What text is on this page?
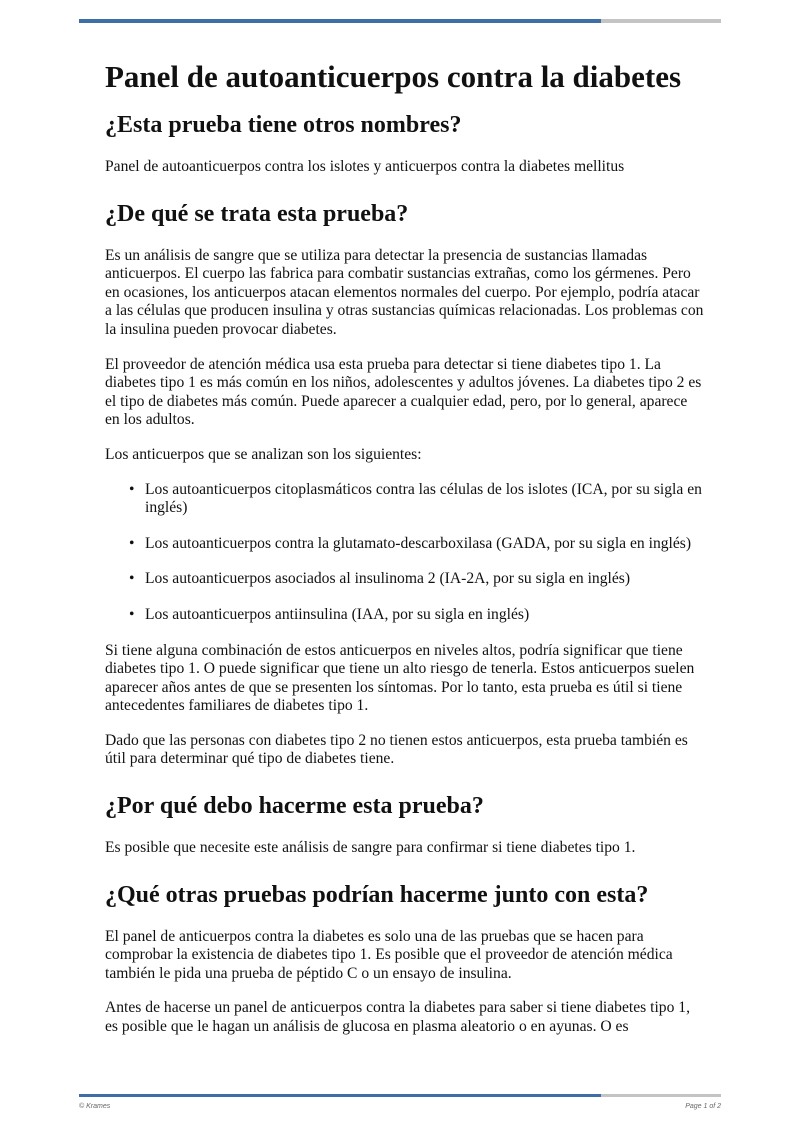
Panel de autoanticuerpos contra la diabetes
¿Esta prueba tiene otros nombres?

Panel de autoanticuerpos contra los islotes y anticuerpos contra la diabetes mellitus

¿De qué se trata esta prueba?

Es un análisis de sangre que se utiliza para detectar la presencia de sustancias llamadas anticuerpos. El cuerpo las fabrica para combatir sustancias extrañas, como los gérmenes. Pero en ocasiones, los anticuerpos atacan elementos normales del cuerpo. Por ejemplo, podría atacar a las células que producen insulina y otras sustancias químicas relacionadas. Los problemas con la insulina pueden provocar diabetes.

El proveedor de atención médica usa esta prueba para detectar si tiene diabetes tipo 1. La diabetes tipo 1 es más común en los niños, adolescentes y adultos jóvenes. La diabetes tipo 2 es el tipo de diabetes más común. Puede aparecer a cualquier edad, pero, por lo general, aparece en los adultos.

Los anticuerpos que se analizan son los siguientes:

• Los autoanticuerpos citoplasmáticos contra las células de los islotes (ICA, por su sigla en inglés)
• Los autoanticuerpos contra la glutamato-descarboxilasa (GADA, por su sigla en inglés)
• Los autoanticuerpos asociados al insulinoma 2 (IA-2A, por su sigla en inglés)
• Los autoanticuerpos antiinsulina (IAA, por su sigla en inglés)

Si tiene alguna combinación de estos anticuerpos en niveles altos, podría significar que tiene diabetes tipo 1. O puede significar que tiene un alto riesgo de tenerla. Estos anticuerpos suelen aparecer años antes de que se presenten los síntomas. Por lo tanto, esta prueba es útil si tiene antecedentes familiares de diabetes tipo 1.

Dado que las personas con diabetes tipo 2 no tienen estos anticuerpos, esta prueba también es útil para determinar qué tipo de diabetes tiene.

¿Por qué debo hacerme esta prueba?

Es posible que necesite este análisis de sangre para confirmar si tiene diabetes tipo 1.

¿Qué otras pruebas podrían hacerme junto con esta?

El panel de anticuerpos contra la diabetes es solo una de las pruebas que se hacen para comprobar la existencia de diabetes tipo 1. Es posible que el proveedor de atención médica también le pida una prueba de péptido C o un ensayo de insulina.

Antes de hacerse un panel de anticuerpos contra la diabetes para saber si tiene diabetes tipo 1, es posible que le hagan un análisis de glucosa en plasma aleatorio o en ayunas. O es

© Krames	Page 1 of 2
